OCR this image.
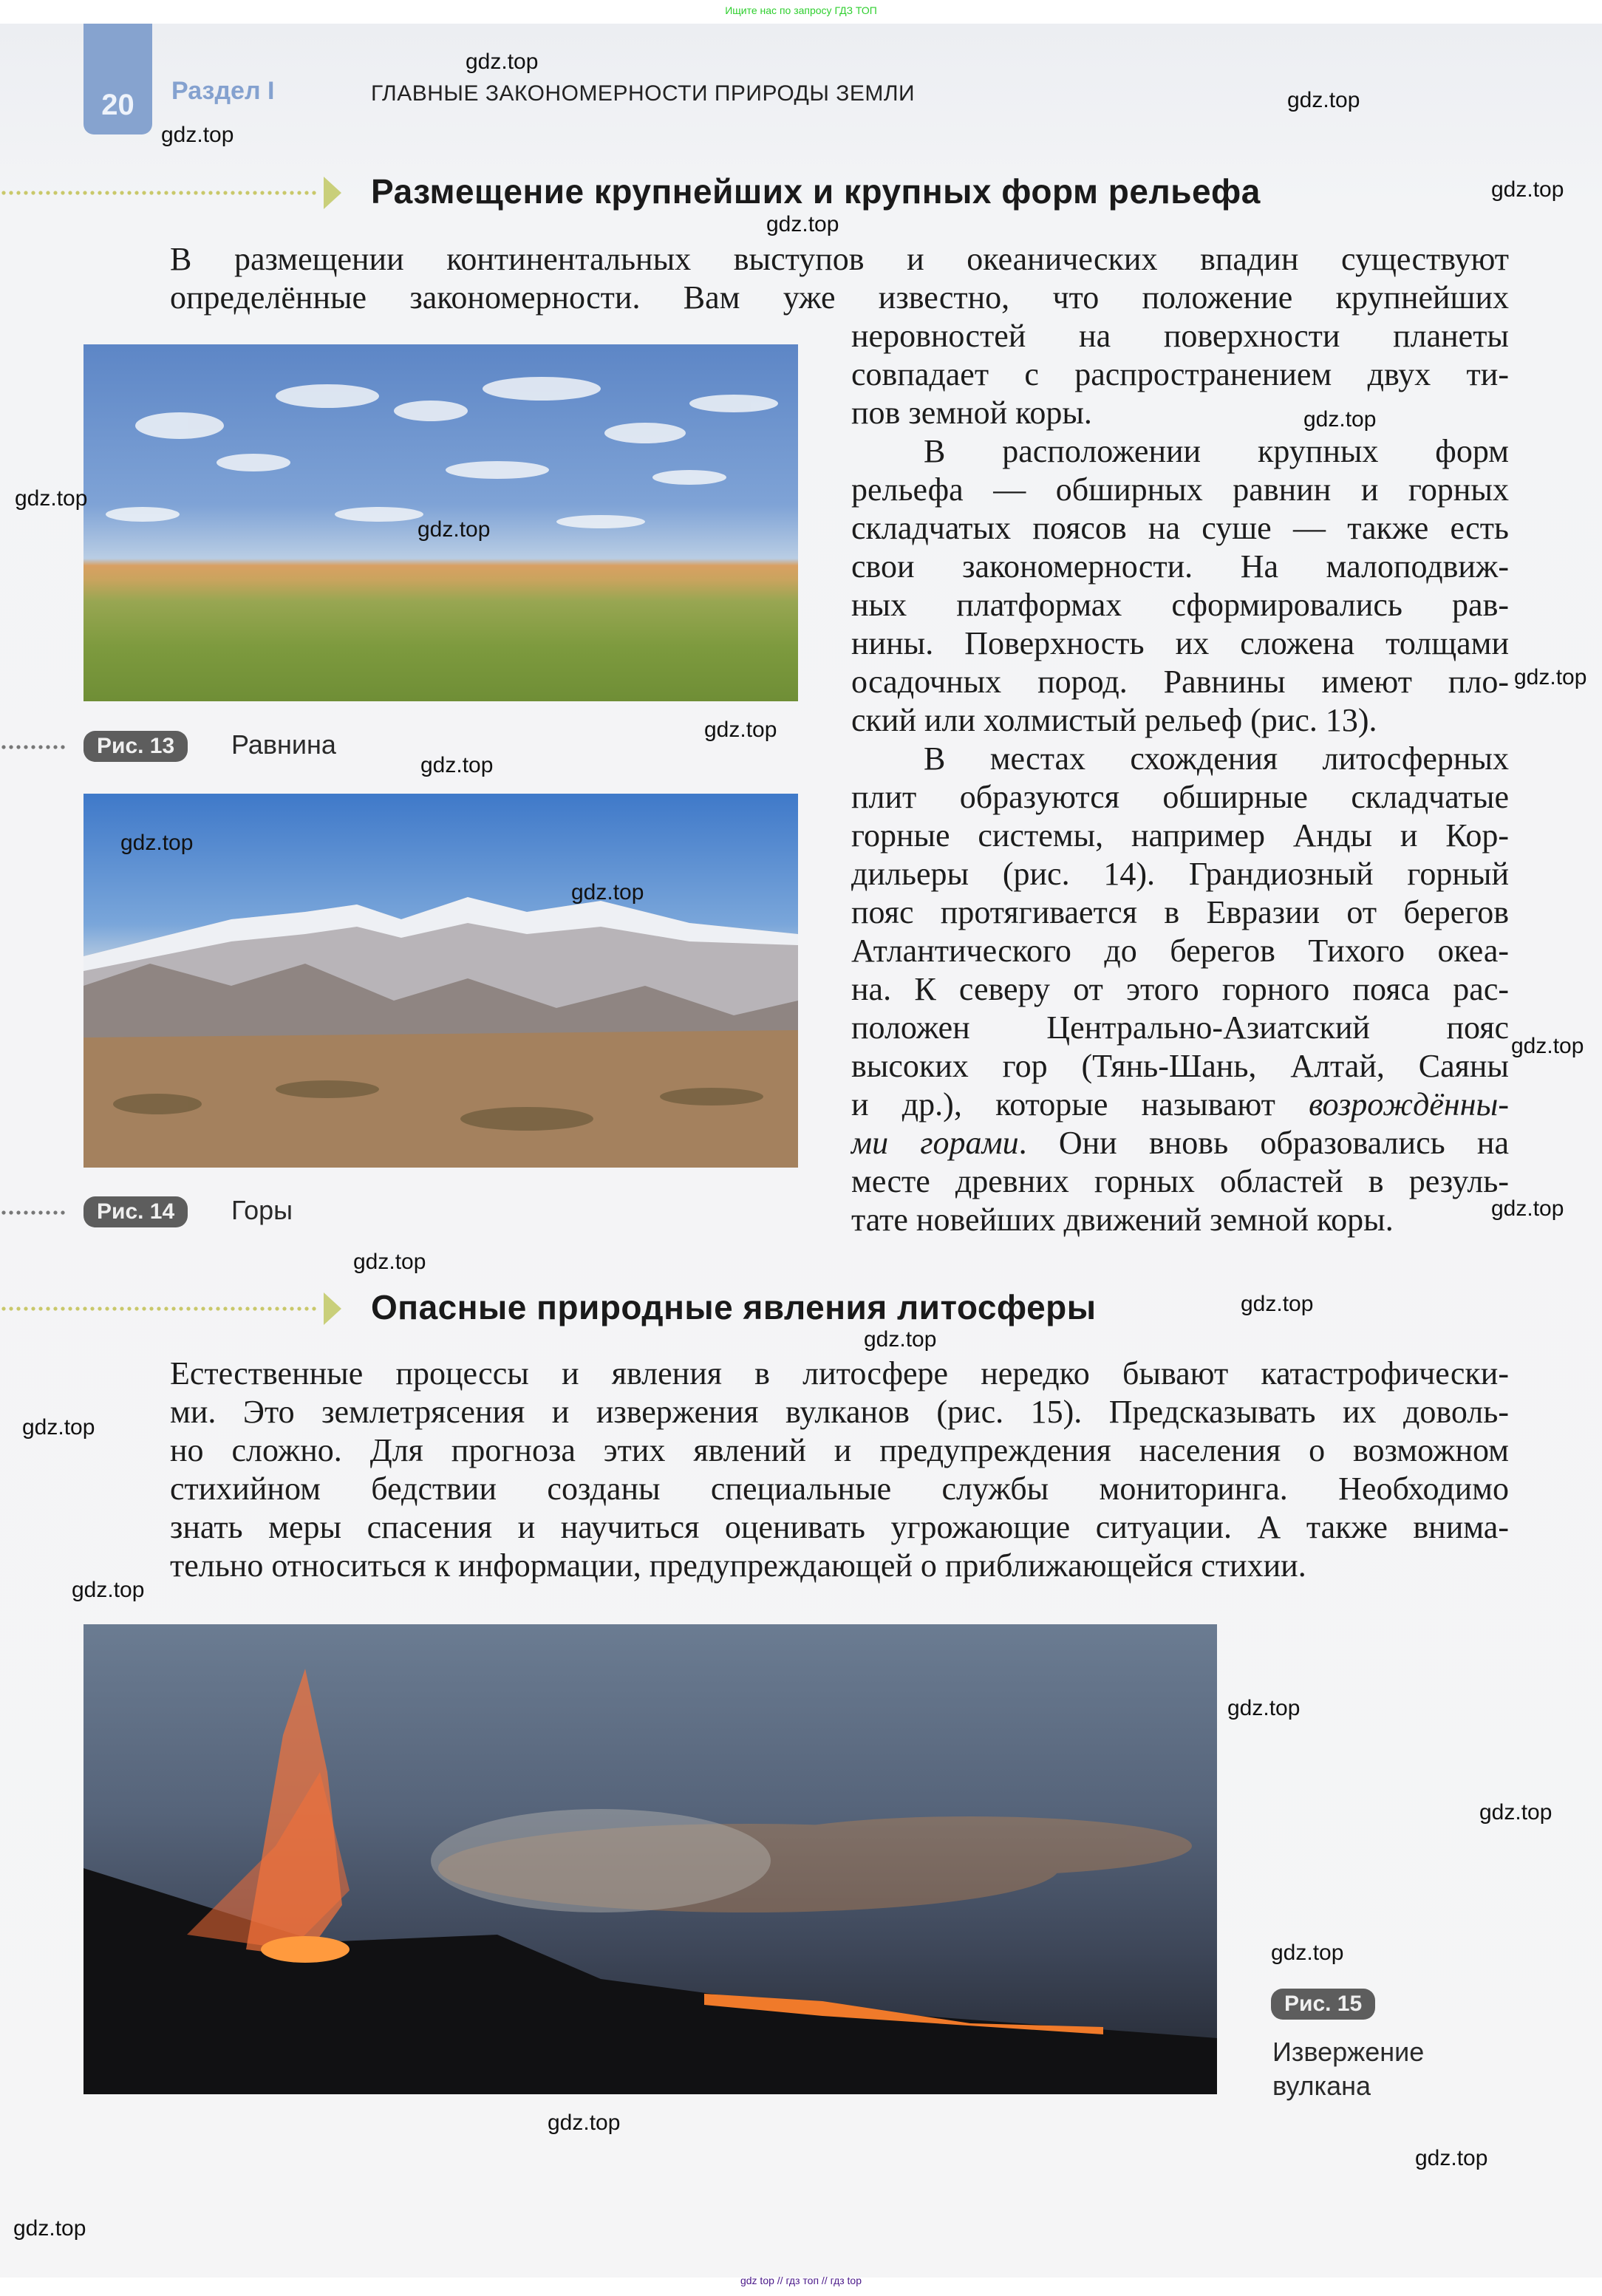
Ищите нас по запросу ГДЗ ТОП
20	Раздел I	ГЛАВНЫЕ ЗАКОНОМЕРНОСТИ ПРИРОДЫ ЗЕМЛИ
Размещение крупнейших и крупных форм рельефа
В размещении континентальных выступов и океанических впадин существуют
определённые закономерности. Вам уже известно, что положение крупнейших
неровностей на поверхности планеты
совпадает с распространением двух ти-
пов земной коры.
В расположении крупных форм
рельефа — обширных равнин и горных
складчатых поясов на суше — также есть
свои закономерности. На малоподвиж-
ных платформах сформировались рав-
нины. Поверхность их сложена толщами
осадочных пород. Равнины имеют пло-
ский или холмистый рельеф (рис. 13).
В местах схождения литосферных
плит образуются обширные складчатые
горные системы, например Анды и Кор-
дильеры (рис. 14). Грандиозный горный
пояс протягивается в Евразии от берегов
Атлантического до берегов Тихого океа-
на. К северу от этого горного пояса рас-
положен Центрально-Азиатский пояс
высоких гор (Тянь-Шань, Алтай, Саяны
и др.), которые называют возрождённы-
ми горами. Они вновь образовались на
месте древних горных областей в резуль-
тате новейших движений земной коры.
Рис. 13	Равнина
Рис. 14	Горы
Опасные природные явления литосферы
Естественные процессы и явления в литосфере нередко бывают катастрофически-
ми. Это землетрясения и извержения вулканов (рис. 15). Предсказывать их доволь-
но сложно. Для прогноза этих явлений и предупреждения населения о возможном
стихийном бедствии созданы специальные службы мониторинга. Необходимо
знать меры спасения и научиться оценивать угрожающие ситуации. А также внима-
тельно относиться к информации, предупреждающей о приближающейся стихии.
Рис. 15
Извержение
вулкана
gdz.top
gdz.top
gdz.top
gdz.top
gdz.top
gdz.top
gdz.top
gdz.top
gdz.top
gdz.top
gdz.top
gdz.top
gdz.top
gdz.top
gdz.top
gdz.top
gdz.top
gdz.top
gdz.top
gdz.top
gdz.top
gdz.top
gdz.top
gdz.top
gdz.top
gdz.top
gdz top // гдз топ // гдз top
